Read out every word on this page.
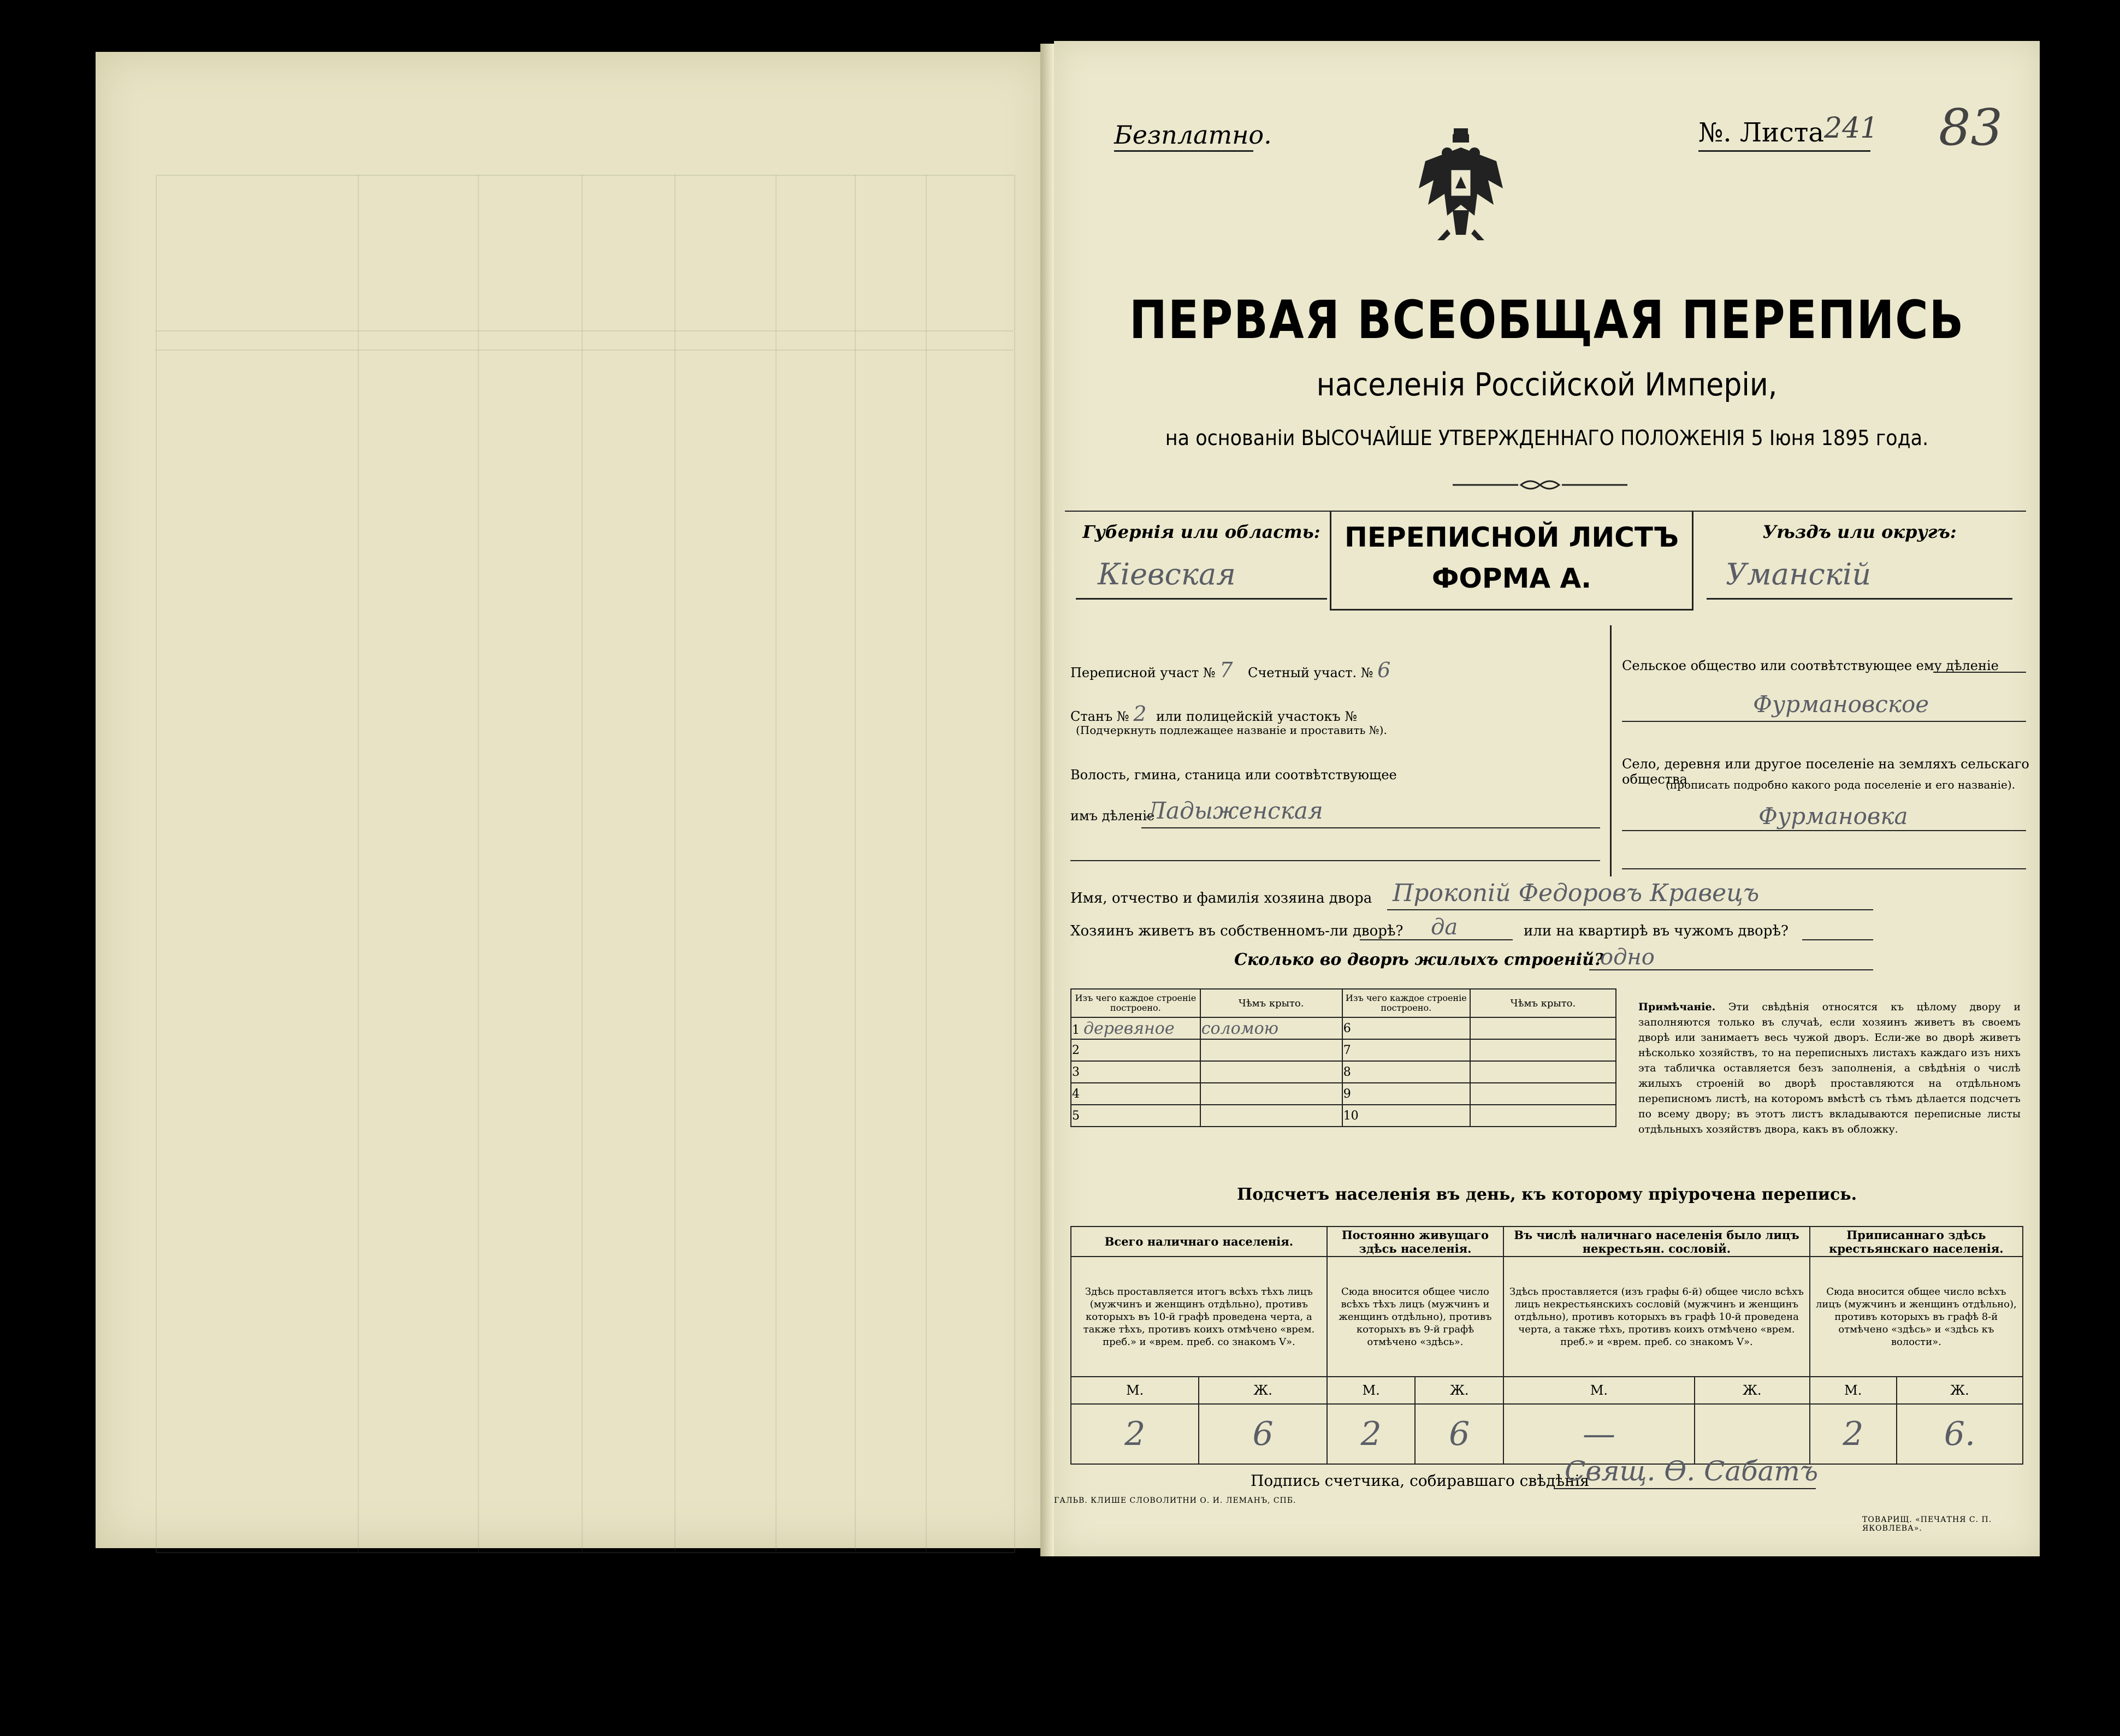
Безплатно.	№. Листа 241 83
ПЕРВАЯ ВСЕОБЩАЯ ПЕРЕПИСЬ
населенія Россійской Имперіи,
на основаніи ВЫСОЧАЙШЕ УТВЕРЖДЕННАГО ПОЛОЖЕНІЯ 5 Іюня 1895 года.
Губернія или область:
Кіевская
ПЕРЕПИСНОЙ ЛИСТЪ
ФОРМА А.
Уѣздъ или округъ:
Уманскій
Переписной участ № 7 Счетный участ. № 6
Станъ № 2 или полицейскій участокъ №
(Подчеркнуть подлежащее названіе и проставить №).
Волость, гмина, станица или соотвѣтствующее
имъ дѣленіе
Ладыженская
Сельское общество или соотвѣтствующее ему дѣленіе
Фурмановское
Село, деревня или другое поселеніе на земляхъ сельскаго общества
(прописать подробно какого рода поселеніе и его названіе).
Фурмановка
Имя, отчество и фамилія хозяина двора Прокопій Федоровъ Кравецъ
Хозяинъ живетъ въ собственномъ-ли дворѣ? да	или на квартирѣ въ чужомъ дворѣ?
Сколько во дворѣ жилыхъ строеній?
одно
Изъ чего каждое строеніе построено.	Чѣмъ крыто.	Изъ чего каждое строеніе построено.	Чѣмъ крыто.
1 деревяное	соломою	6	
2		7	
3		8	
4		9	
5		10	
Примѣчаніе. Эти свѣдѣнія относятся къ цѣлому двору и заполняются только въ случаѣ, если хозяинъ живетъ въ своемъ дворѣ или занимаетъ весь чужой дворъ. Если-же во дворѣ живетъ нѣсколько хозяйствъ, то на переписныхъ листахъ каждаго изъ нихъ эта табличка оставляется безъ заполненія, а свѣдѣнія о числѣ жилыхъ строеній во дворѣ проставляются на отдѣльномъ переписномъ листѣ, на которомъ вмѣстѣ съ тѣмъ дѣлается подсчетъ по всему двору; въ этотъ листъ вкладываются переписные листы отдѣльныхъ хозяйствъ двора, какъ въ обложку.
Подсчетъ населенія въ день, къ которому пріурочена перепись.
Всего наличнаго населенія.		Постоянно живущаго здѣсь населенія.		Въ числѣ наличнаго населенія было лицъ некрестьян. сословій.		Приписаннаго здѣсь крестьянскаго населенія.	
Здѣсь проставляется итогъ всѣхъ тѣхъ лицъ (мужчинъ и женщинъ отдѣльно), противъ которыхъ въ 10-й графѣ проведена черта, а также тѣхъ, противъ коихъ отмѣчено «врем. преб.» и «врем. преб. со знакомъ V».		Сюда вносится общее число всѣхъ тѣхъ лицъ (мужчинъ и женщинъ отдѣльно), противъ которыхъ въ 9-й графѣ отмѣчено «здѣсь».		Здѣсь проставляется (изъ графы 6-й) общее число всѣхъ лицъ некрестьянскихъ сословій (мужчинъ и женщинъ отдѣльно), противъ которыхъ въ графѣ 10-й проведена черта, а также тѣхъ, противъ коихъ отмѣчено «врем. преб.» и «врем. преб. со знакомъ V».		Сюда вносится общее число всѣхъ лицъ (мужчинъ и женщинъ отдѣльно), противъ которыхъ въ графѣ 8-й отмѣчено «здѣсь» и «здѣсь къ волости».	
М.	Ж.	М.	Ж.	М.	Ж.	М.	Ж.
2	6	2	6	—		2	6.
Подпись счетчика, собиравшаго свѣдѣнія
Свящ. Ѳ. Сабатъ
ГАЛЬВ. КЛИШЕ СЛОВОЛИТНИ О. И. ЛЕМАНЪ, СПБ.
ТОВАРИЩ. «ПЕЧАТНЯ С. П. ЯКОВЛЕВА».
